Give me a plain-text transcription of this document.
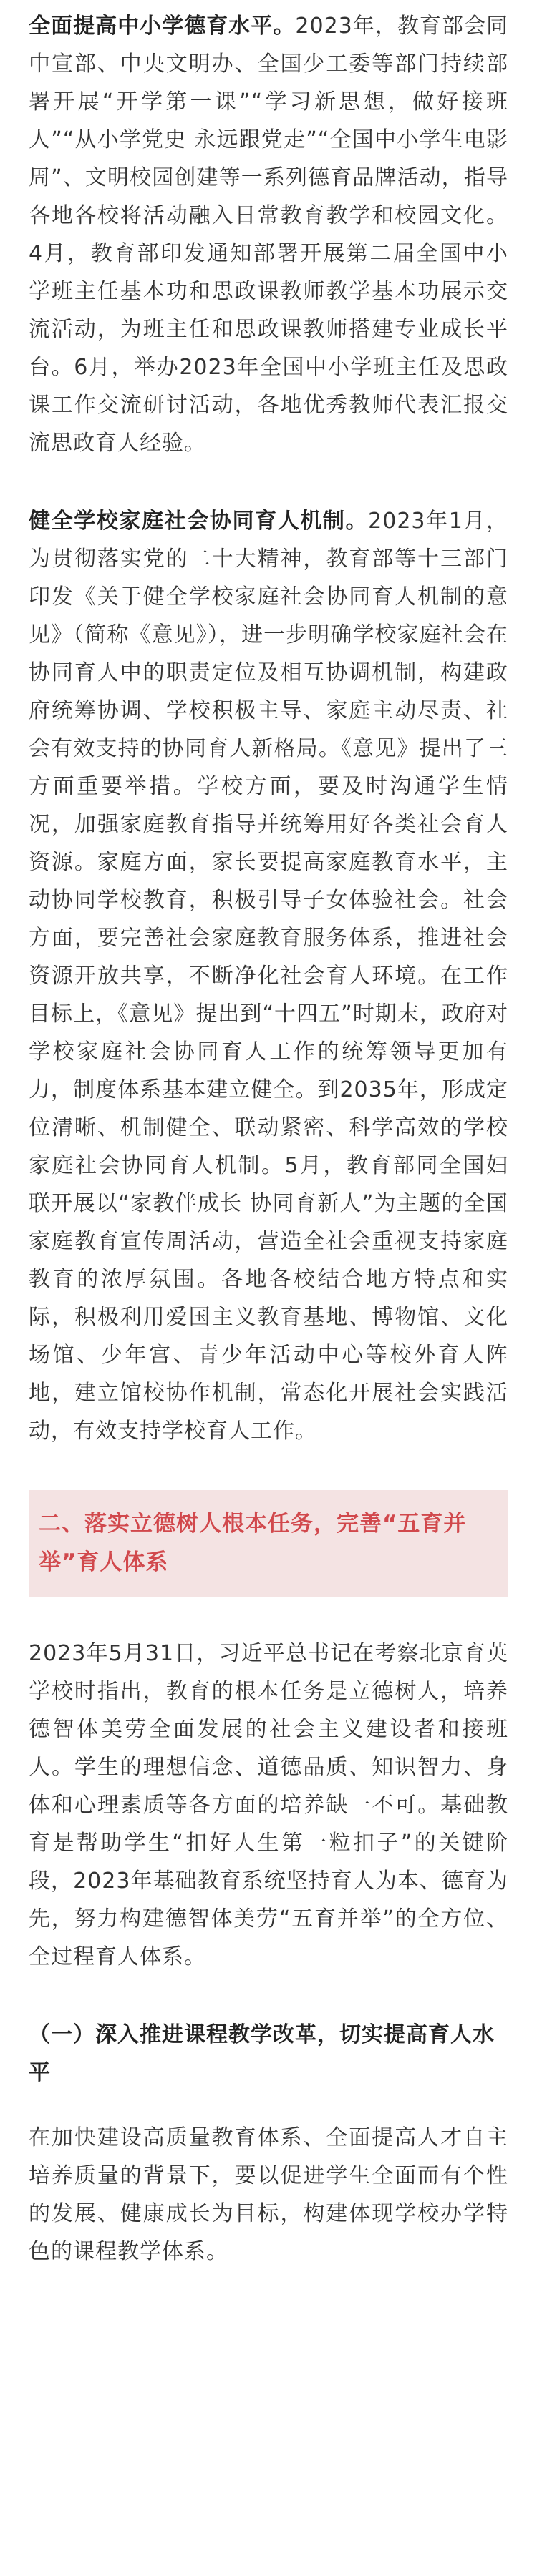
全面提高中小学德育水平。2023年，教育部会同中宣部、中央文明办、全国少工委等部门持续部署开展“开学第一课”“学习新思想，做好接班人”“从小学党史 永远跟党走”“全国中小学生电影周”、文明校园创建等一系列德育品牌活动，指导各地各校将活动融入日常教育教学和校园文化。4月，教育部印发通知部署开展第二届全国中小学班主任基本功和思政课教师教学基本功展示交流活动，为班主任和思政课教师搭建专业成长平台。6月，举办2023年全国中小学班主任及思政课工作交流研讨活动，各地优秀教师代表汇报交流思政育人经验。

健全学校家庭社会协同育人机制。2023年1月，为贯彻落实党的二十大精神，教育部等十三部门印发《关于健全学校家庭社会协同育人机制的意见》（简称《意见》），进一步明确学校家庭社会在协同育人中的职责定位及相互协调机制，构建政府统筹协调、学校积极主导、家庭主动尽责、社会有效支持的协同育人新格局。《意见》提出了三方面重要举措。学校方面，要及时沟通学生情况，加强家庭教育指导并统筹用好各类社会育人资源。家庭方面，家长要提高家庭教育水平，主动协同学校教育，积极引导子女体验社会。社会方面，要完善社会家庭教育服务体系，推进社会资源开放共享，不断净化社会育人环境。在工作目标上，《意见》提出到“十四五”时期末，政府对学校家庭社会协同育人工作的统筹领导更加有力，制度体系基本建立健全。到2035年，形成定位清晰、机制健全、联动紧密、科学高效的学校家庭社会协同育人机制。5月，教育部同全国妇联开展以“家教伴成长 协同育新人”为主题的全国家庭教育宣传周活动，营造全社会重视支持家庭教育的浓厚氛围。各地各校结合地方特点和实际，积极利用爱国主义教育基地、博物馆、文化场馆、少年宫、青少年活动中心等校外育人阵地，建立馆校协作机制，常态化开展社会实践活动，有效支持学校育人工作。

二、落实立德树人根本任务，完善“五育并举”育人体系

2023年5月31日，习近平总书记在考察北京育英学校时指出，教育的根本任务是立德树人，培养德智体美劳全面发展的社会主义建设者和接班人。学生的理想信念、道德品质、知识智力、身体和心理素质等各方面的培养缺一不可。基础教育是帮助学生“扣好人生第一粒扣子”的关键阶段，2023年基础教育系统坚持育人为本、德育为先，努力构建德智体美劳“五育并举”的全方位、全过程育人体系。

（一）深入推进课程教学改革，切实提高育人水平

在加快建设高质量教育体系、全面提高人才自主培养质量的背景下，要以促进学生全面而有个性的发展、健康成长为目标，构建体现学校办学特色的课程教学体系。
